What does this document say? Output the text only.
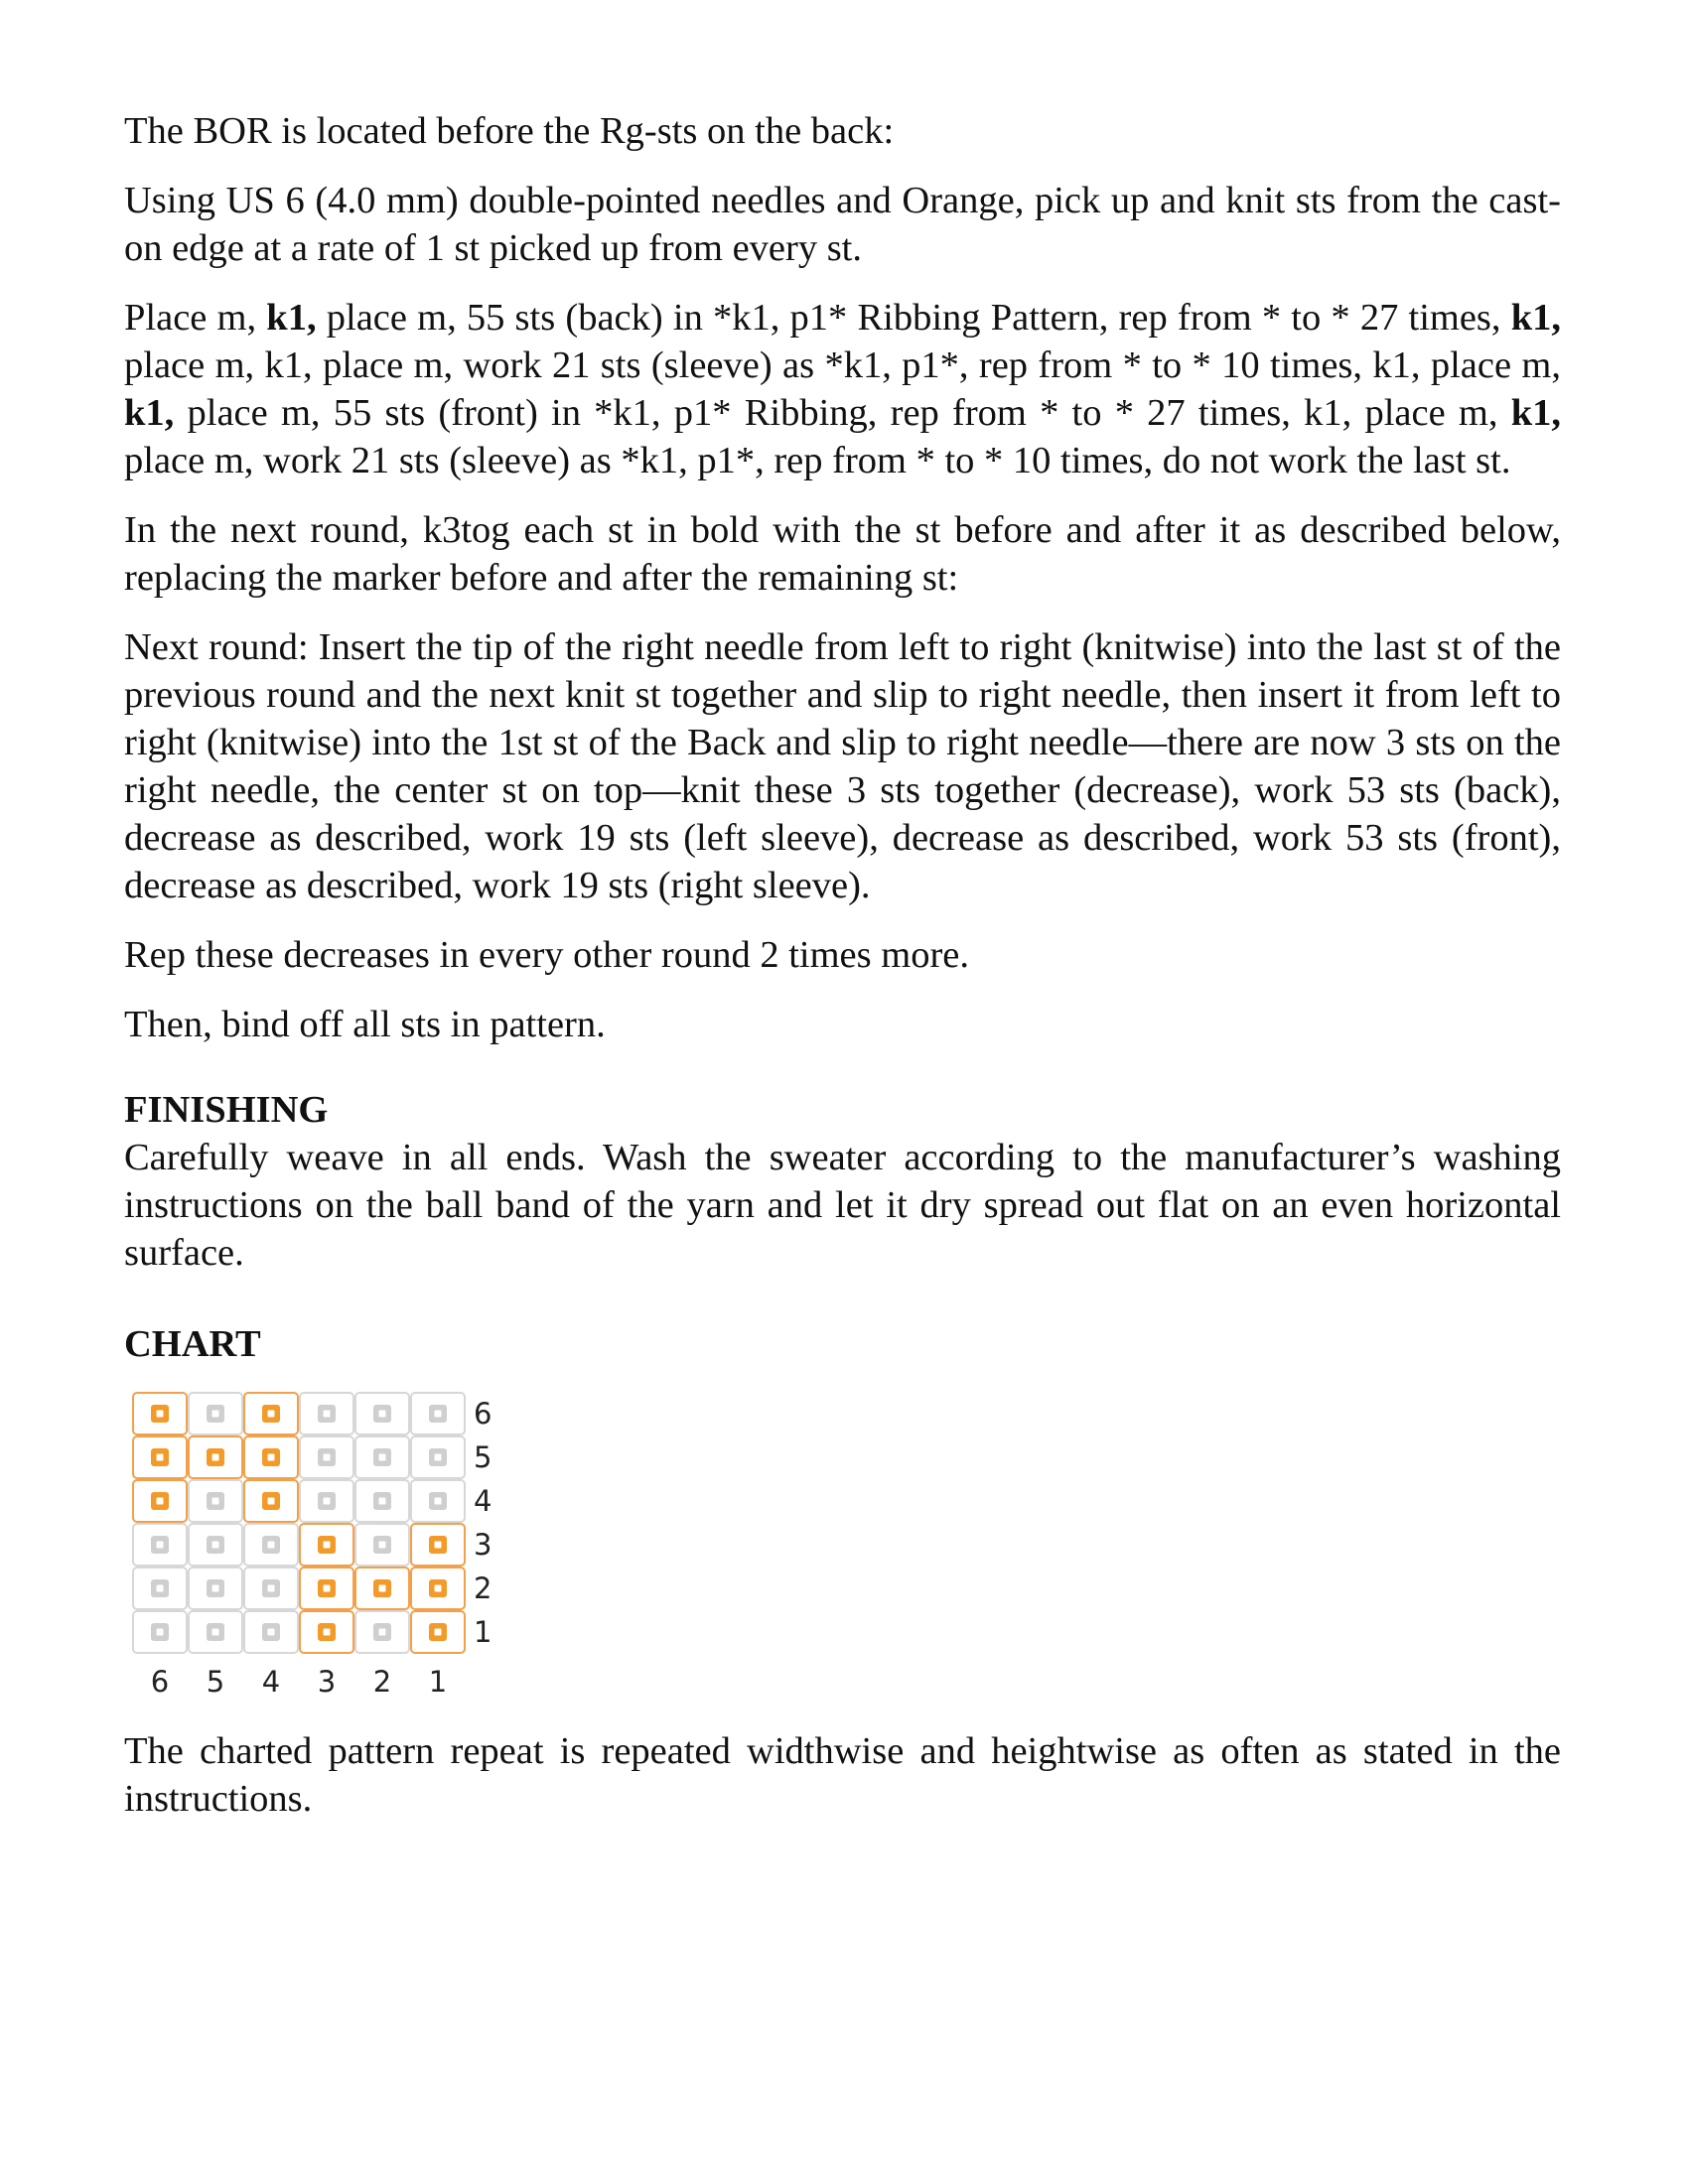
The BOR is located before the Rg-sts on the back:

Using US 6 (4.0 mm) double-pointed needles and Orange, pick up and knit sts from the cast-on edge at a rate of 1 st picked up from every st.

Place m, k1, place m, 55 sts (back) in *k1, p1* Ribbing Pattern, rep from * to * 27 times, k1, place m, k1, place m, work 21 sts (sleeve) as *k1, p1*, rep from * to * 10 times, k1, place m, k1, place m, 55 sts (front) in *k1, p1* Ribbing, rep from * to * 27 times, k1, place m, k1, place m, work 21 sts (sleeve) as *k1, p1*, rep from * to * 10 times, do not work the last st.

In the next round, k3tog each st in bold with the st before and after it as described below, replacing the marker before and after the remaining st:

Next round: Insert the tip of the right needle from left to right (knitwise) into the last st of the previous round and the next knit st together and slip to right needle, then insert it from left to right (knitwise) into the 1st st of the Back and slip to right needle—there are now 3 sts on the right needle, the center st on top—knit these 3 sts together (decrease), work 53 sts (back), decrease as described, work 19 sts (left sleeve), decrease as described, work 53 sts (front), decrease as described, work 19 sts (right sleeve).

Rep these decreases in every other round 2 times more.

Then, bind off all sts in pattern.

FINISHING

Carefully weave in all ends. Wash the sweater according to the manufacturer’s washing instructions on the ball band of the yarn and let it dry spread out flat on an even horizontal surface.

CHART
6
5
4
3
2
1
6 5 4 3 2 1

The charted pattern repeat is repeated widthwise and heightwise as often as stated in the instructions.
